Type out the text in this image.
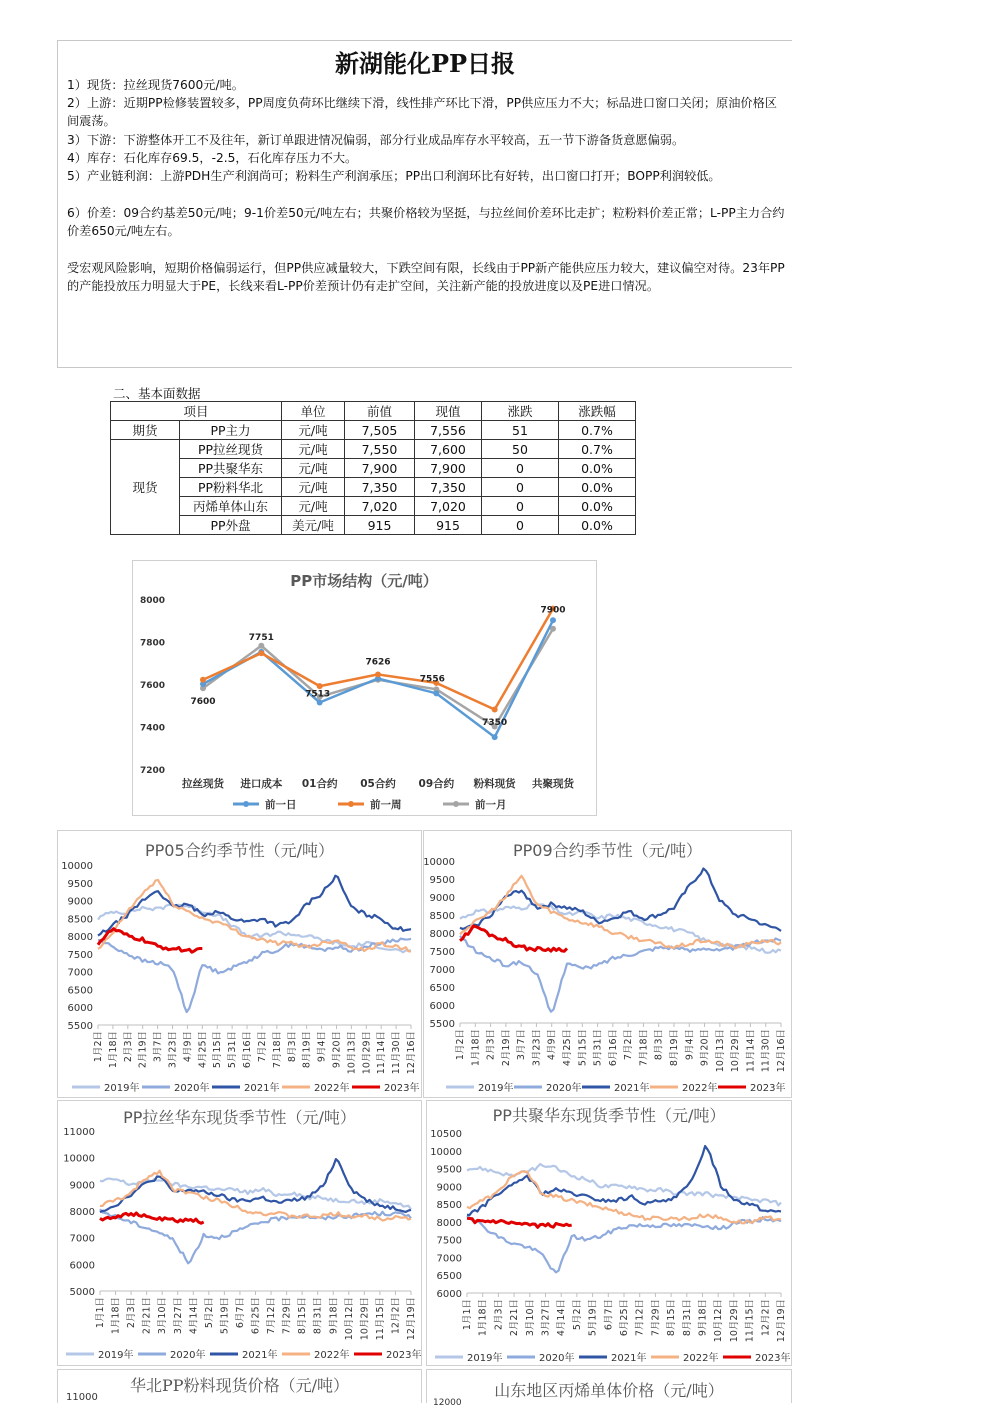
新湖能化PP日报
1）现货：拉丝现货7600元/吨。
2）上游：近期PP检修装置较多，PP周度负荷环比继续下滑，线性排产环比下滑，PP供应压力不大；标品进口窗口关闭；原油价格区间震荡。
3）下游：下游整体开工不及往年，新订单跟进情况偏弱，部分行业成品库存水平较高，五一节下游备货意愿偏弱。
4）库存：石化库存69.5，-2.5，石化库存压力不大。
5）产业链利润：上游PDH生产利润尚可；粉料生产利润承压；PP出口利润环比有好转，出口窗口打开；BOPP利润较低。
6）价差：09合约基差50元/吨；9-1价差50元/吨左右；共聚价格较为坚挺，与拉丝间价差环比走扩；粒粉料价差正常；L-PP主力合约价差650元/吨左右。
受宏观风险影响，短期价格偏弱运行，但PP供应减量较大，下跌空间有限，长线由于PP新产能供应压力较大，建议偏空对待。23年PP的产能投放压力明显大于PE，长线来看L-PP价差预计仍有走扩空间，关注新产能的投放进度以及PE进口情况。
二、基本面数据
项目		单位	前值	现值	涨跌	涨跌幅
期货	PP主力	元/吨	7,505	7,556	51	0.7%
现货	PP拉丝现货	元/吨	7,550	7,600	50	0.7%
	PP共聚华东	元/吨	7,900	7,900	0	0.0%
	PP粉料华北	元/吨	7,350	7,350	0	0.0%
	丙烯单体山东	元/吨	7,020	7,020	0	0.0%
	PP外盘	美元/吨	915	915	0	0.0%
PP市场结构（元/吨）
7200
7400
7600
7800
8000
拉丝现货 进口成本 01合约 05合约 09合约 粉料现货 共聚现货
7600
7751
7513
7626
7556
7350
7900
前一日	前一周	前一月
PP05合约季节性（元/吨）
5500
6000
6500
7000
7500
8000
8500
9000
9500
10000
1月2日 1月18日 2月3日 2月19日 3月7日 3月23日 4月9日 4月25日 5月15日 5月31日 6月16日 7月2日 7月18日 8月3日 8月19日 9月4日 9月20日 10月13日 10月29日 11月14日 11月30日 12月16日
2019年	2020年	2021年	2022年	2023年
PP09合约季节性（元/吨）
5500
6000
6500
7000
7500
8000
8500
9000
9500
10000
1月2日 1月18日 2月3日 2月19日 3月7日 3月23日 4月9日 4月25日 5月15日 5月31日 6月16日 7月2日 7月18日 8月3日 8月19日 9月4日 9月20日 10月13日 10月29日 11月14日 11月30日 12月16日
2019年	2020年	2021年	2022年	2023年
PP拉丝华东现货季节性（元/吨）
5000
6000
7000
8000
9000
10000
11000
1月1日 1月18日 2月3日 2月21日 3月10日 3月27日 4月14日 5月2日 5月19日 6月7日 6月25日 7月12日 7月29日 8月15日 8月31日 9月18日 10月12日 10月29日 11月15日 12月2日 12月19日
2019年	2020年	2021年	2022年	2023年
PP共聚华东现货季节性（元/吨）
6000
6500
7000
7500
8000
8500
9000
9500
10000
10500
1月1日 1月18日 2月3日 2月21日 3月10日 3月27日 4月14日 5月2日 5月19日 6月7日 6月25日 7月12日 7月29日 8月15日 8月31日 9月18日 10月12日 10月29日 11月15日 12月2日 12月19日
2019年	2020年	2021年	2022年	2023年
华北PP粉料现货价格（元/吨）
11000	山东地区丙烯单体价格（元/吨）
12000
